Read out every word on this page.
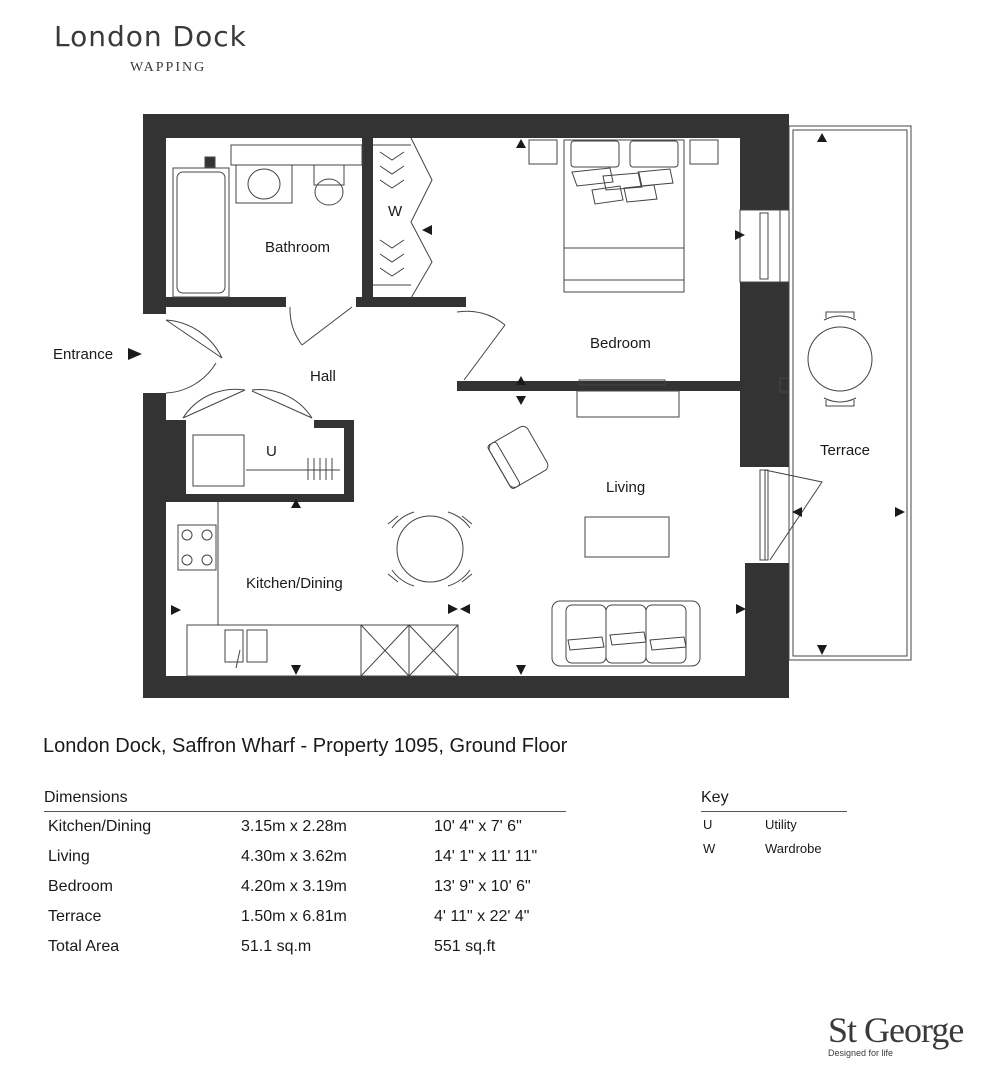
London Dock

WAPPING

Bathroom
W
Bedroom
Entrance
Hall
U
Living
Terrace
Kitchen/Dining
London Dock, Saffron Wharf - Property 1095, Ground Floor
Dimensions
Kitchen/Dining	3.15m x 2.28m	10' 4" x 7' 6"
Living	4.30m x 3.62m	14' 1" x 11' 11"
Bedroom	4.20m x 3.19m	13' 9" x 10' 6"
Terrace	1.50m x 6.81m	4' 11" x 22' 4"
Total Area	51.1 sq.m	551 sq.ft
Key
U	Utility
W	Wardrobe

St George

Designed for life
